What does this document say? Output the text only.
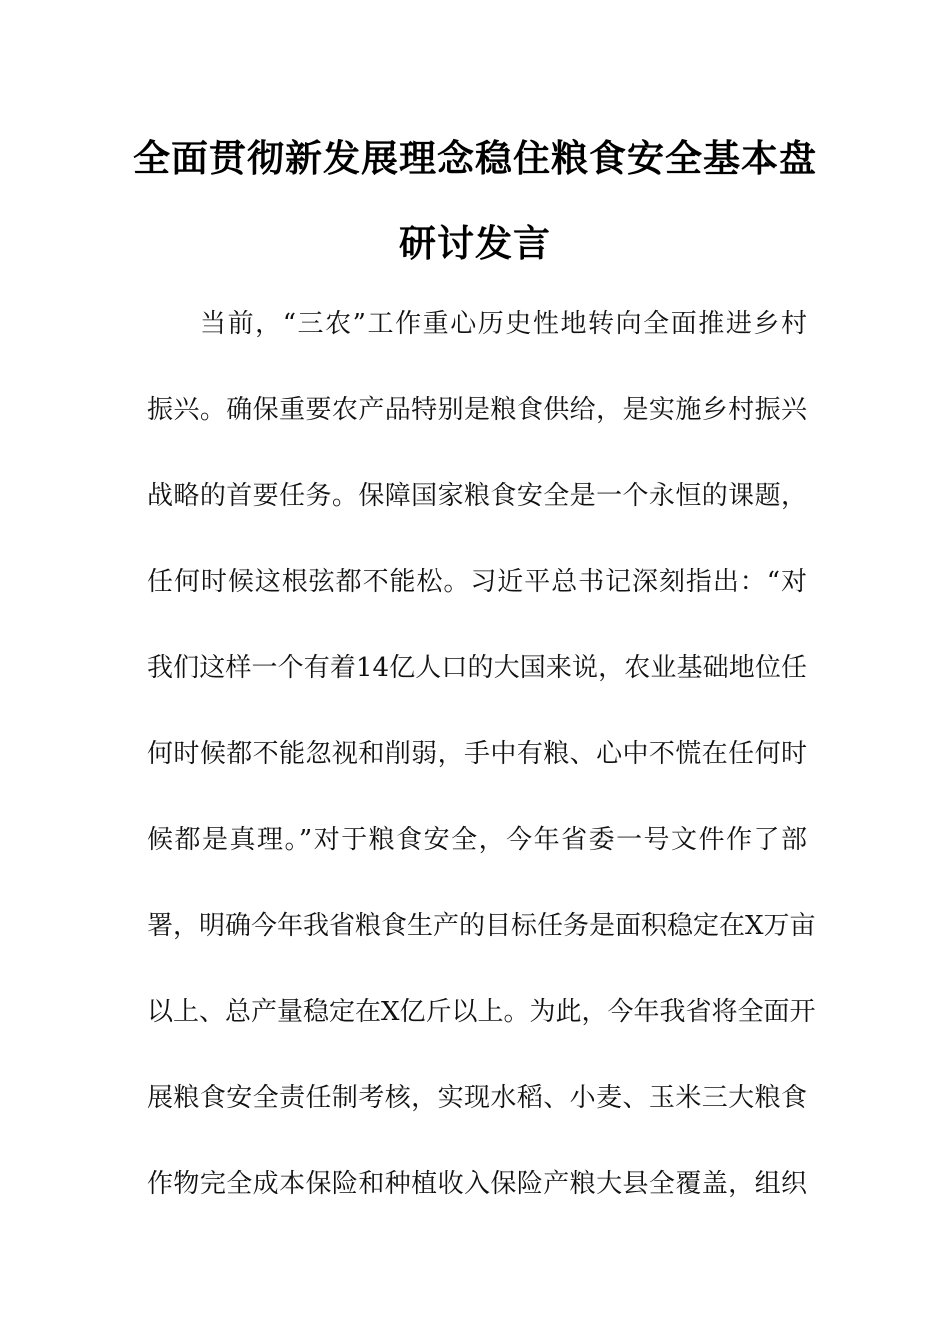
全面贯彻新发展理念稳住粮食安全基本盘
研讨发言

当前，“三农”工作重心历史性地转向全面推进乡村

振兴。确保重要农产品特别是粮食供给，是实施乡村振兴

战略的首要任务。保障国家粮食安全是一个永恒的课题，

任何时候这根弦都不能松。习近平总书记深刻指出：“对

我们这样一个有着14亿人口的大国来说，农业基础地位任

何时候都不能忽视和削弱，手中有粮、心中不慌在任何时

候都是真理。”对于粮食安全，今年省委一号文件作了部

署，明确今年我省粮食生产的目标任务是面积稳定在X万亩

以上、总产量稳定在X亿斤以上。为此，今年我省将全面开

展粮食安全责任制考核，实现水稻、小麦、玉米三大粮食

作物完全成本保险和种植收入保险产粮大县全覆盖，组织
